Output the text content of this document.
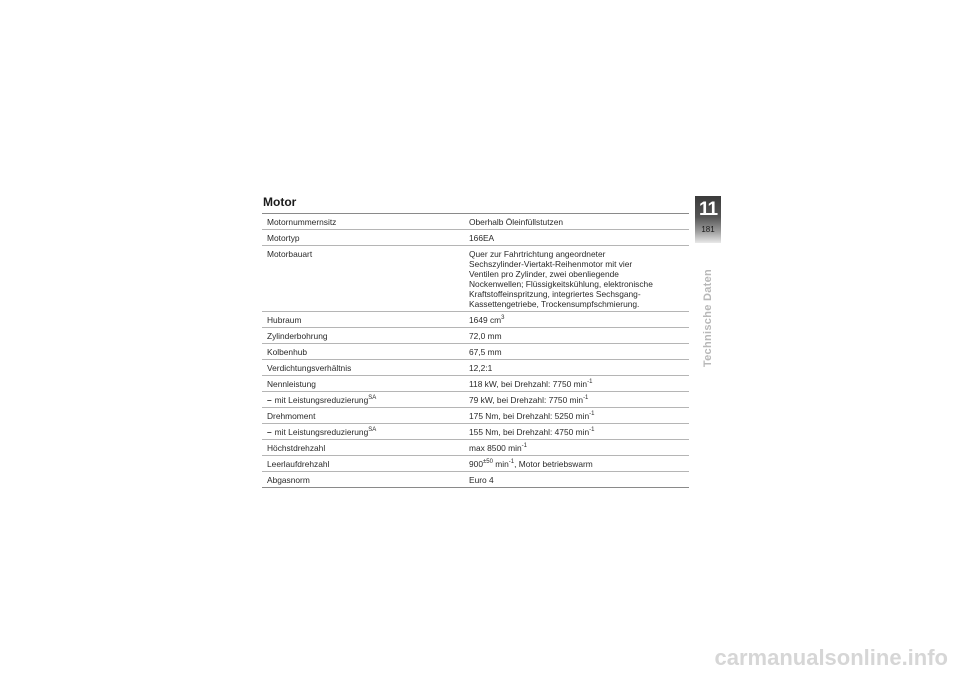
Motor
Motornummernsitz	Oberhalb Öleinfüllstutzen
Motortyp	166EA
Motorbauart	Quer zur Fahrtrichtung angeordneter
Sechszylinder-Viertakt-Reihenmotor mit vier
Ventilen pro Zylinder, zwei obenliegende
Nockenwellen; Flüssigkeitskühlung, elektronische
Kraftstoffeinspritzung, integriertes Sechsgang-
Kassettengetriebe, Trockensumpfschmierung.
Hubraum	1649 $cm^3$
Zylinderbohrung	72,0 mm
Kolbenhub	67,5 mm
Verdichtungsverhältnis	12,2:1
Nennleistung	118 kW, bei Drehzahl: 7750 $\min^{-1}$
– mit Leistungsreduzierung$^{SA}$	79 kW, bei Drehzahl: 7750 $\min^{-1}$
Drehmoment	175 Nm, bei Drehzahl: 5250 $\min^{-1}$
– mit Leistungsreduzierung$^{SA}$	155 Nm, bei Drehzahl: 4750 $\min^{-1}$
Höchstdrehzahl	max 8500 $\min^{-1}$
Leerlaufdrehzahl	$900^{\pm 50}$ $\min^{-1}$, Motor betriebswarm
Abgasnorm	Euro 4
11
181
Technische Daten
carmanualsonline.info
